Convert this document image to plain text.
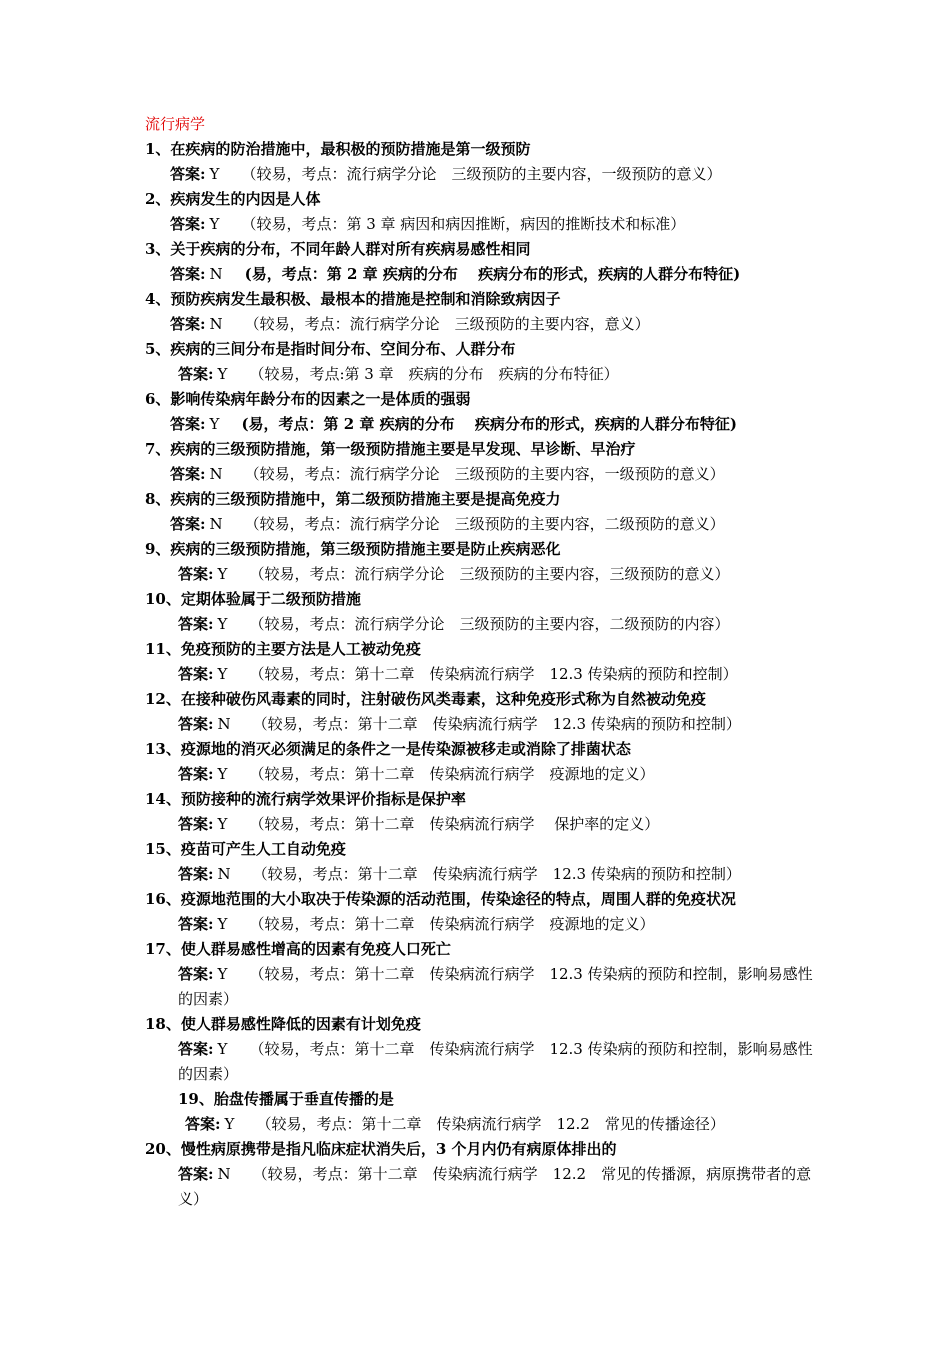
流行病学
1、在疾病的防治措施中，最积极的预防措施是第一级预防
答案: Y （较易，考点：流行病学分论　三级预防的主要内容，一级预防的意义）
2、疾病发生的内因是人体
答案: Y （较易，考点：第 3 章 病因和病因推断，病因的推断技术和标准）
3、关于疾病的分布，不同年龄人群对所有疾病易感性相同
答案: N (易，考点：第 2 章 疾病的分布　 疾病分布的形式，疾病的人群分布特征)
4、预防疾病发生最积极、最根本的措施是控制和消除致病因子
答案: N （较易，考点：流行病学分论　三级预防的主要内容，意义）
5、疾病的三间分布是指时间分布、空间分布、人群分布
答案: Y （较易，考点:第 3 章　疾病的分布　疾病的分布特征）
6、影响传染病年龄分布的因素之一是体质的强弱
答案: Y (易，考点：第 2 章 疾病的分布　 疾病分布的形式，疾病的人群分布特征)
7、疾病的三级预防措施，第一级预防措施主要是早发现、早诊断、早治疗
答案: N （较易，考点：流行病学分论　三级预防的主要内容，一级预防的意义）
8、疾病的三级预防措施中，第二级预防措施主要是提高免疫力
答案: N （较易，考点：流行病学分论　三级预防的主要内容，二级预防的意义）
9、疾病的三级预防措施，第三级预防措施主要是防止疾病恶化
答案: Y （较易，考点：流行病学分论　三级预防的主要内容，三级预防的意义）
10、定期体验属于二级预防措施
答案: Y （较易，考点：流行病学分论　三级预防的主要内容，二级预防的内容）
11、免疫预防的主要方法是人工被动免疫
答案: Y （较易，考点：第十二章　传染病流行病学　12.3 传染病的预防和控制）
12、在接种破伤风毒素的同时，注射破伤风类毒素，这种免疫形式称为自然被动免疫
答案: N （较易，考点：第十二章　传染病流行病学　12.3 传染病的预防和控制）
13、疫源地的消灭必须满足的条件之一是传染源被移走或消除了排菌状态
答案: Y （较易，考点：第十二章　传染病流行病学　疫源地的定义）
14、预防接种的流行病学效果评价指标是保护率
答案: Y （较易，考点：第十二章　传染病流行病学　 保护率的定义）
15、疫苗可产生人工自动免疫
答案: N （较易，考点：第十二章　传染病流行病学　12.3 传染病的预防和控制）
16、疫源地范围的大小取决于传染源的活动范围，传染途径的特点，周围人群的免疫状况
答案: Y （较易，考点：第十二章　传染病流行病学　疫源地的定义）
17、使人群易感性增高的因素有免疫人口死亡
答案: Y （较易，考点：第十二章　传染病流行病学　12.3 传染病的预防和控制，影响易感性的因素）
18、使人群易感性降低的因素有计划免疫
答案: Y （较易，考点：第十二章　传染病流行病学　12.3 传染病的预防和控制，影响易感性的因素）
19、胎盘传播属于垂直传播的是
答案: Y （较易，考点：第十二章　传染病流行病学　12.2　常见的传播途径）
20、慢性病原携带是指凡临床症状消失后，3 个月内仍有病原体排出的
答案: N （较易，考点：第十二章　传染病流行病学　12.2　常见的传播源，病原携带者的意义）
